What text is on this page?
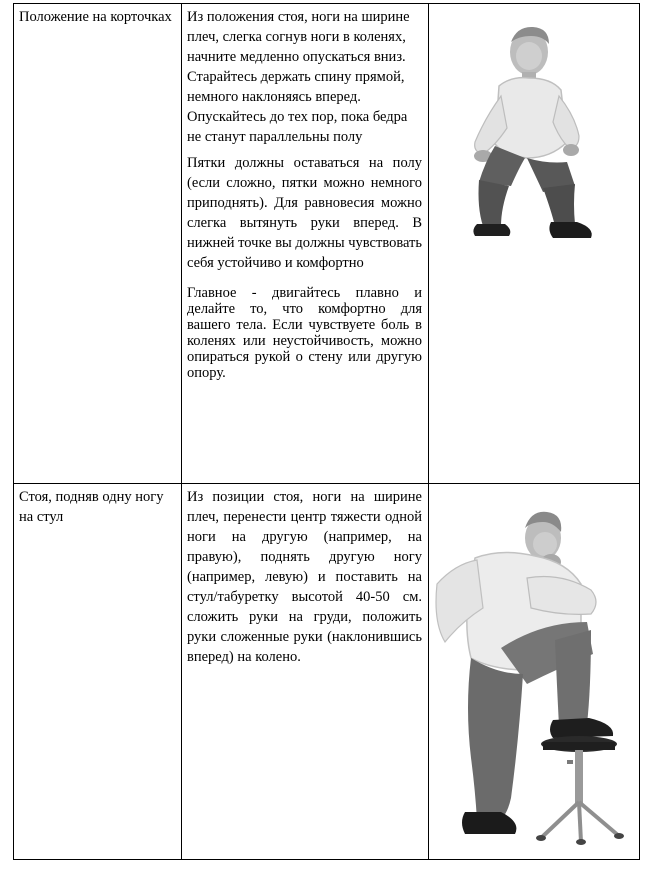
Положение на корточках	Из положения стоя, ноги на ширине плеч, слегка согнув ноги в коленях, начните медленно опускаться вниз. Старайтесь держать спину прямой, немного наклоняясь вперед. Опускайтесь до тех пор, пока бедра не станут параллельны полу

Пятки должны оставаться на полу (если сложно, пятки можно немного приподнять). Для равновесия можно слегка вытянуть руки вперед. В нижней точке вы должны чувствовать себя устойчиво и комфортно

Главное - двигайтесь плавно и делайте то, что комфортно для вашего тела. Если чувствуете боль в коленях или неустойчивость, можно опираться рукой о стену или другую опору.

Стоя, подняв одну ногу на стул	Из позиции стоя, ноги на ширине плеч, перенести центр тяжести одной ноги на другую (например, на правую), поднять другую ногу (например, левую) и поставить на стул/табуретку высотой 40-50 см. сложить руки на груди, положить руки сложенные руки (наклонившись вперед) на колено.
